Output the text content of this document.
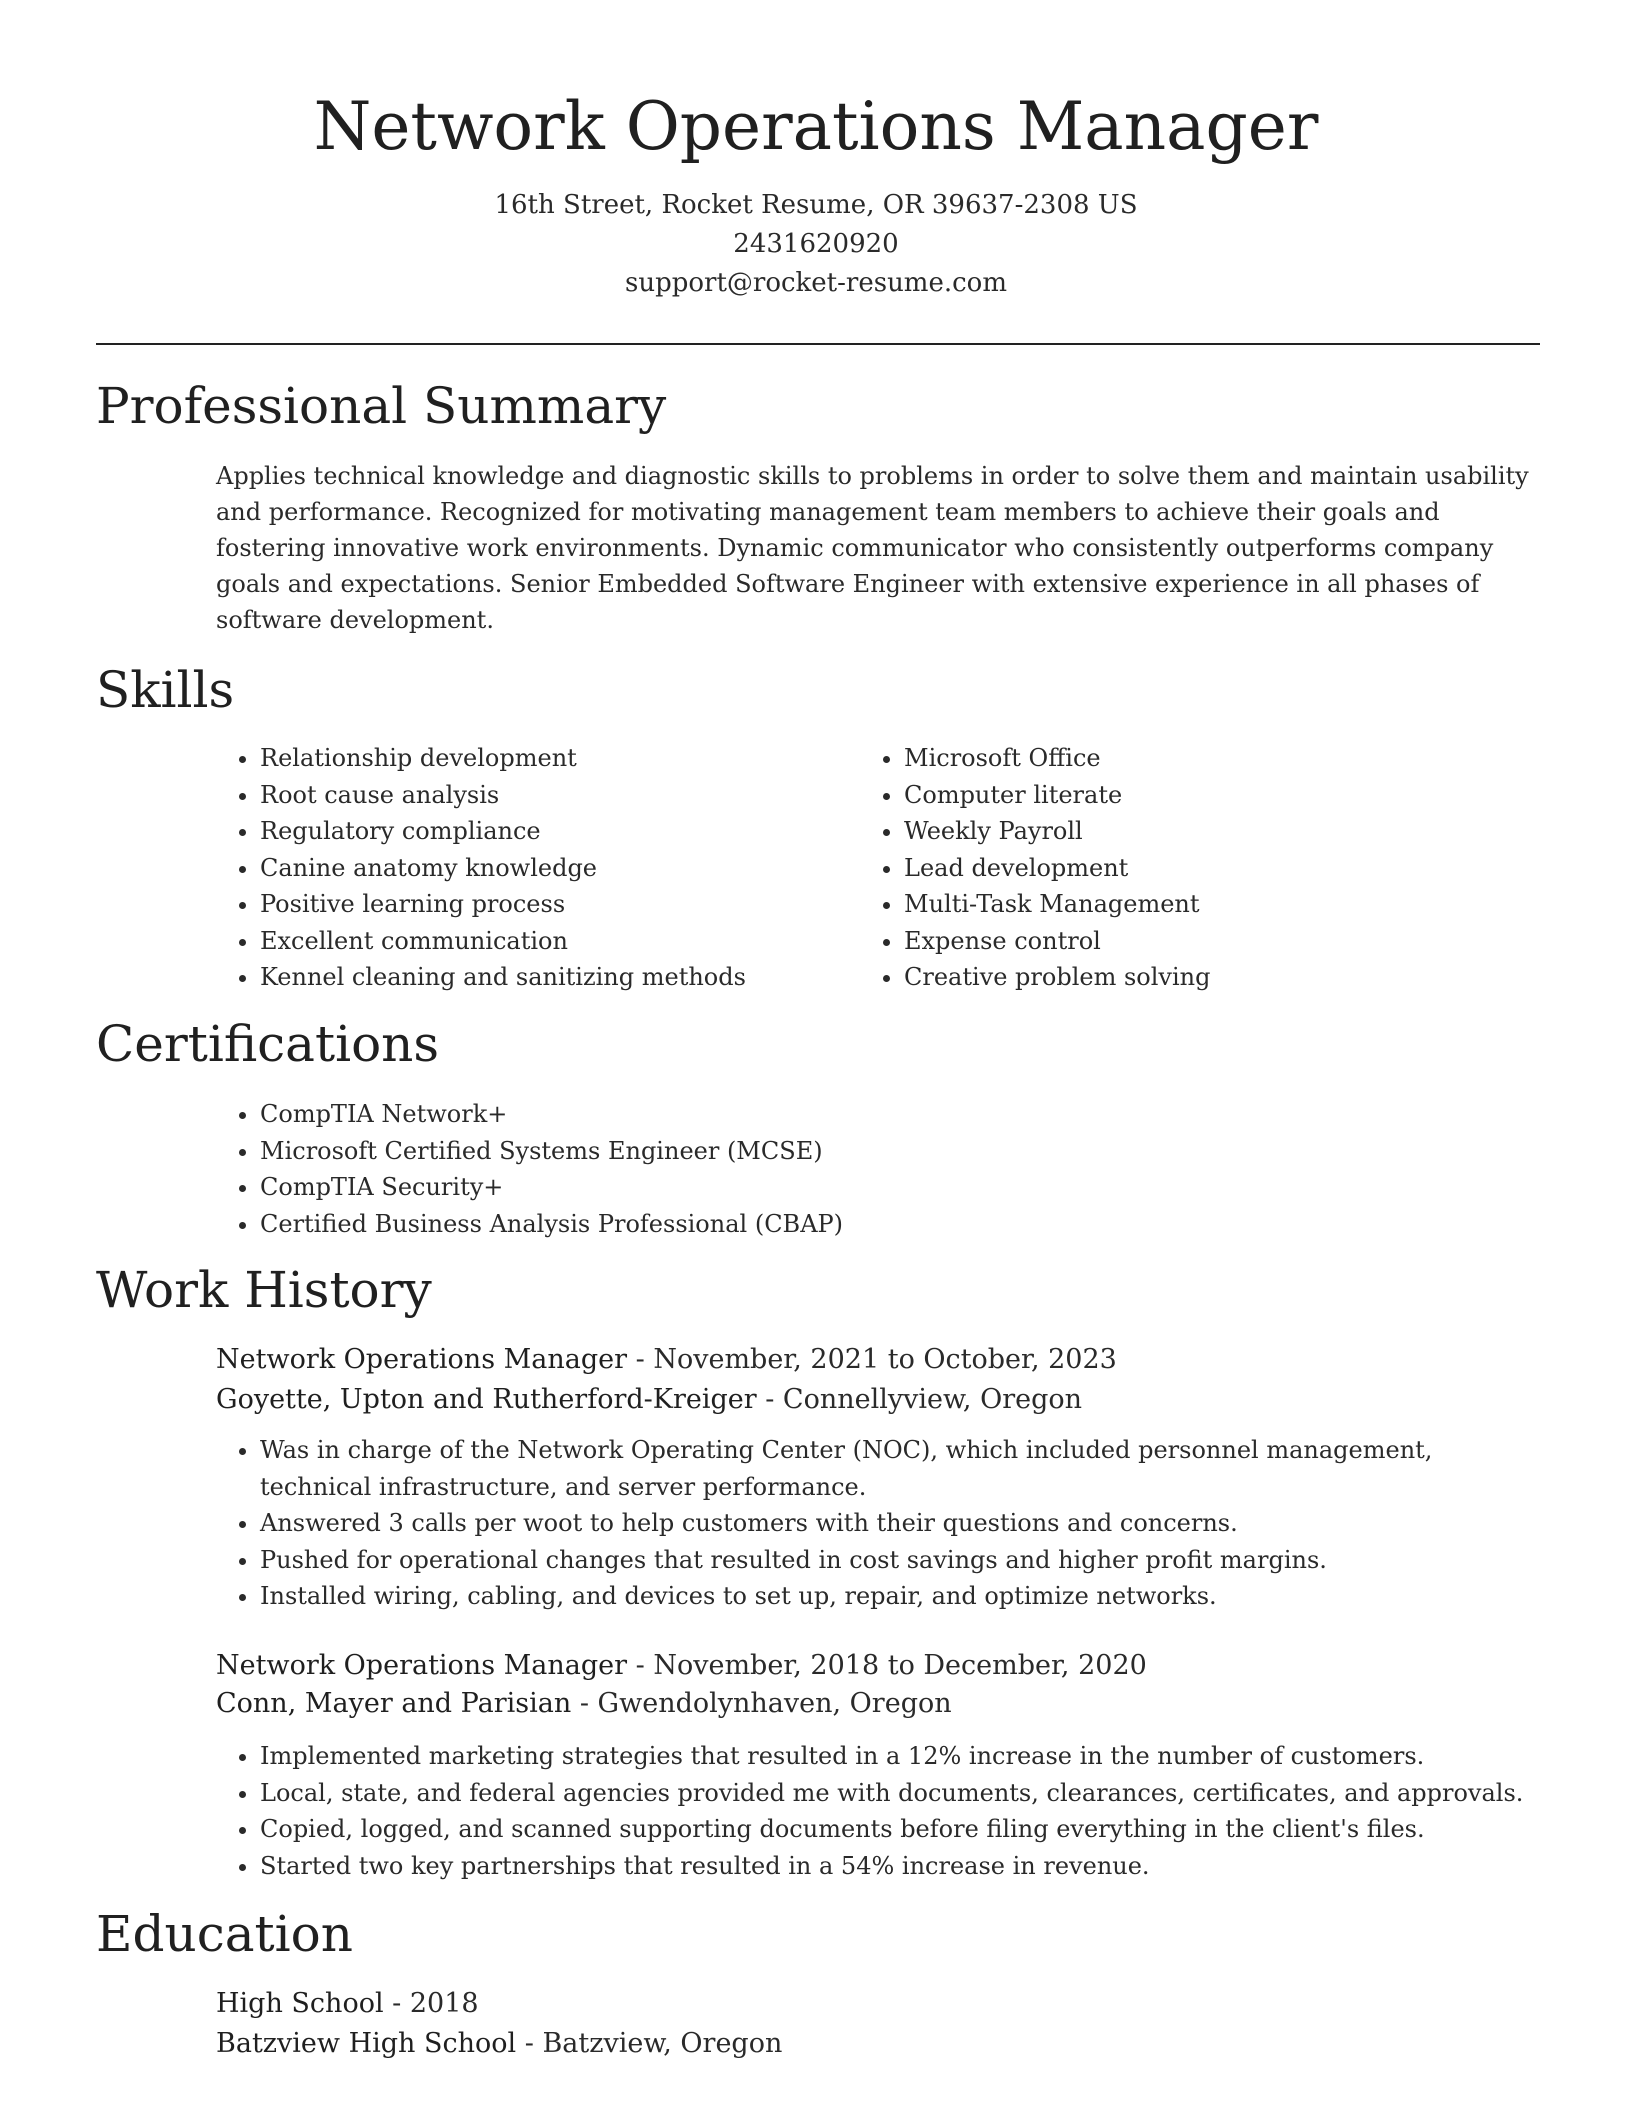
Network Operations Manager
16th Street, Rocket Resume, OR 39637-2308 US
2431620920
support@rocket-resume.com
Professional Summary

Applies technical knowledge and diagnostic skills to problems in order to solve them and maintain usability and performance. Recognized for motivating management team members to achieve their goals and fostering innovative work environments. Dynamic communicator who consistently outperforms company goals and expectations. Senior Embedded Software Engineer with extensive experience in all phases of software development.

Skills
• Relationship development
• Root cause analysis
• Regulatory compliance
• Canine anatomy knowledge
• Positive learning process
• Excellent communication
• Kennel cleaning and sanitizing methods
• Microsoft Office
• Computer literate
• Weekly Payroll
• Lead development
• Multi-Task Management
• Expense control
• Creative problem solving
Certifications
• CompTIA Network+
• Microsoft Certified Systems Engineer (MCSE)
• CompTIA Security+
• Certified Business Analysis Professional (CBAP)
Work History
Network Operations Manager - November, 2021 to October, 2023
Goyette, Upton and Rutherford-Kreiger - Connellyview, Oregon
• Was in charge of the Network Operating Center (NOC), which included personnel management, technical infrastructure, and server performance.
• Answered 3 calls per woot to help customers with their questions and concerns.
• Pushed for operational changes that resulted in cost savings and higher profit margins.
• Installed wiring, cabling, and devices to set up, repair, and optimize networks.
Network Operations Manager - November, 2018 to December, 2020
Conn, Mayer and Parisian - Gwendolynhaven, Oregon
• Implemented marketing strategies that resulted in a 12% increase in the number of customers.
• Local, state, and federal agencies provided me with documents, clearances, certificates, and approvals.
• Copied, logged, and scanned supporting documents before filing everything in the client's files.
• Started two key partnerships that resulted in a 54% increase in revenue.
Education
High School - 2018
Batzview High School - Batzview, Oregon
